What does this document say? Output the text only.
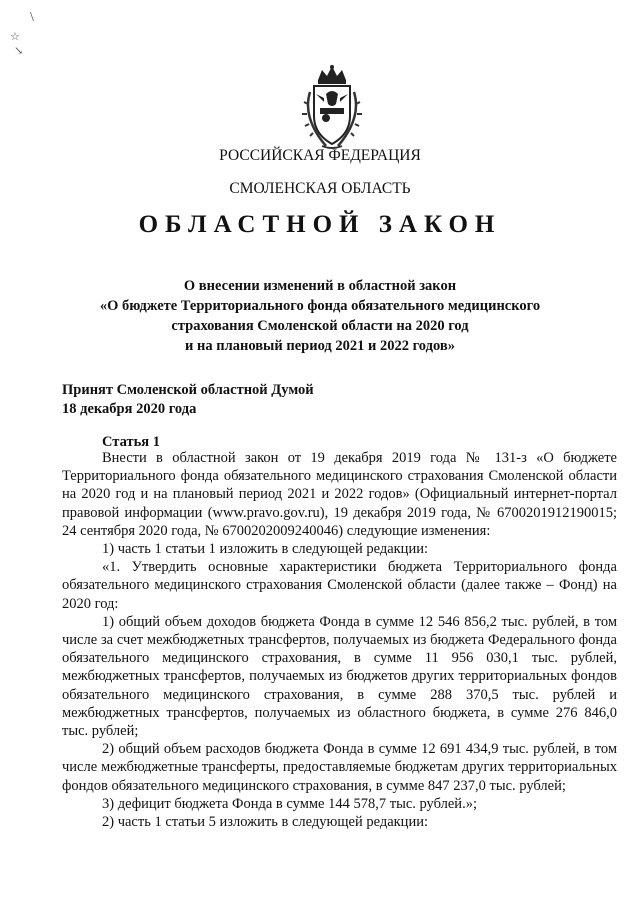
\
☆
↘
РОССИЙСКАЯ ФЕДЕРАЦИЯ
СМОЛЕНСКАЯ ОБЛАСТЬ
ОБЛАСТНОЙ ЗАКОН
О внесении изменений в областной закон
«О бюджете Территориального фонда обязательного медицинского
страхования Смоленской области на 2020 год
и на плановый период 2021 и 2022 годов»
Принят Смоленской областной Думой
18 декабря 2020 года
Статья 1
Внести в областной закон от 19 декабря 2019 года № 131-з «О бюджете Территориального фонда обязательного медицинского страхования Смоленской области на 2020 год и на плановый период 2021 и 2022 годов» (Официальный интернет-портал правовой информации (www.pravo.gov.ru), 19 декабря 2019 года, № 6700201912190015; 24 сентября 2020 года, № 6700202009240046) следующие изменения:
1) часть 1 статьи 1 изложить в следующей редакции:
«1. Утвердить основные характеристики бюджета Территориального фонда обязательного медицинского страхования Смоленской области (далее также – Фонд) на 2020 год:
1) общий объем доходов бюджета Фонда в сумме 12 546 856,2 тыс. рублей, в том числе за счет межбюджетных трансфертов, получаемых из бюджета Федерального фонда обязательного медицинского страхования, в сумме 11 956 030,1 тыс. рублей, межбюджетных трансфертов, получаемых из бюджетов других территориальных фондов обязательного медицинского страхования, в сумме 288 370,5 тыс. рублей и межбюджетных трансфертов, получаемых из областного бюджета, в сумме 276 846,0 тыс. рублей;
2) общий объем расходов бюджета Фонда в сумме 12 691 434,9 тыс. рублей, в том числе межбюджетные трансферты, предоставляемые бюджетам других территориальных фондов обязательного медицинского страхования, в сумме 847 237,0 тыс. рублей;
3) дефицит бюджета Фонда в сумме 144 578,7 тыс. рублей.»;
2) часть 1 статьи 5 изложить в следующей редакции:
